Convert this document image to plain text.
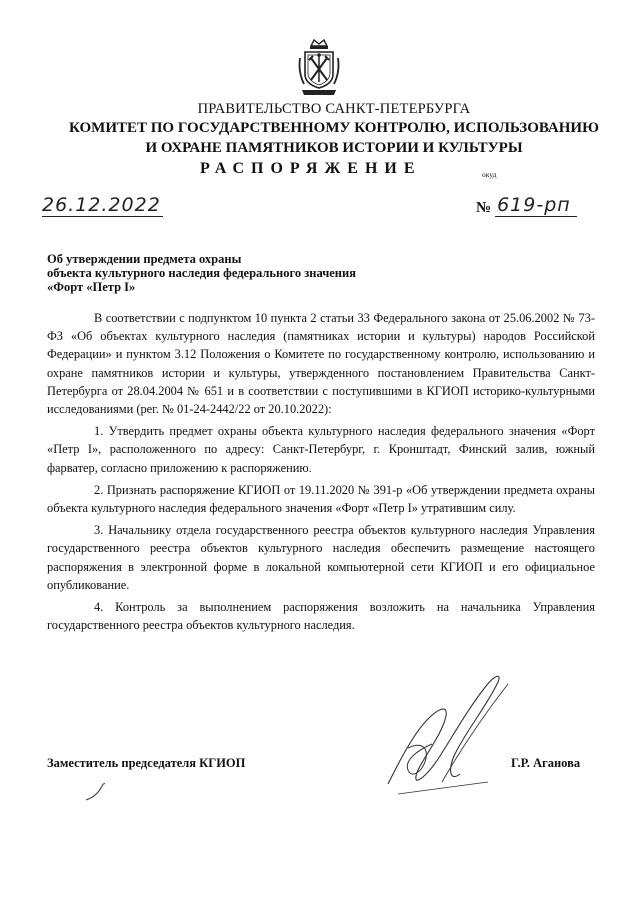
ПРАВИТЕЛЬСТВО САНКТ-ПЕТЕРБУРГА
КОМИТЕТ ПО ГОСУДАРСТВЕННОМУ КОНТРОЛЮ, ИСПОЛЬЗОВАНИЮ
И ОХРАНЕ ПАМЯТНИКОВ ИСТОРИИ И КУЛЬТУРЫ
РАСПОРЯЖЕНИЕ	окуд
26.12.2022	№ 619-рп
Об утверждении предмета охраны
объекта культурного наследия федерального значения
«Форт «Петр I»

В соответствии с подпунктом 10 пункта 2 статьи 33 Федерального закона от 25.06.2002 № 73-ФЗ «Об объектах культурного наследия (памятниках истории и культуры) народов Российской Федерации» и пунктом 3.12 Положения о Комитете по государственному контролю, использованию и охране памятников истории и культуры, утвержденного постановлением Правительства Санкт-Петербурга от 28.04.2004 № 651 и в соответствии с поступившими в КГИОП историко-культурными исследованиями (рег. № 01-24-2442/22 от 20.10.2022):

1. Утвердить предмет охраны объекта культурного наследия федерального значения «Форт «Петр I», расположенного по адресу: Санкт-Петербург, г. Кронштадт, Финский залив, южный фарватер, согласно приложению к распоряжению.

2. Признать распоряжение КГИОП от 19.11.2020 № 391-р «Об утверждении предмета охраны объекта культурного наследия федерального значения «Форт «Петр I» утратившим силу.

3. Начальнику отдела государственного реестра объектов культурного наследия Управления государственного реестра объектов культурного наследия обеспечить размещение настоящего распоряжения в электронной форме в локальной компьютерной сети КГИОП и его официальное опубликование.

4. Контроль за выполнением распоряжения возложить на начальника Управления государственного реестра объектов культурного наследия.

Заместитель председателя КГИОП	Г.Р. Аганова
